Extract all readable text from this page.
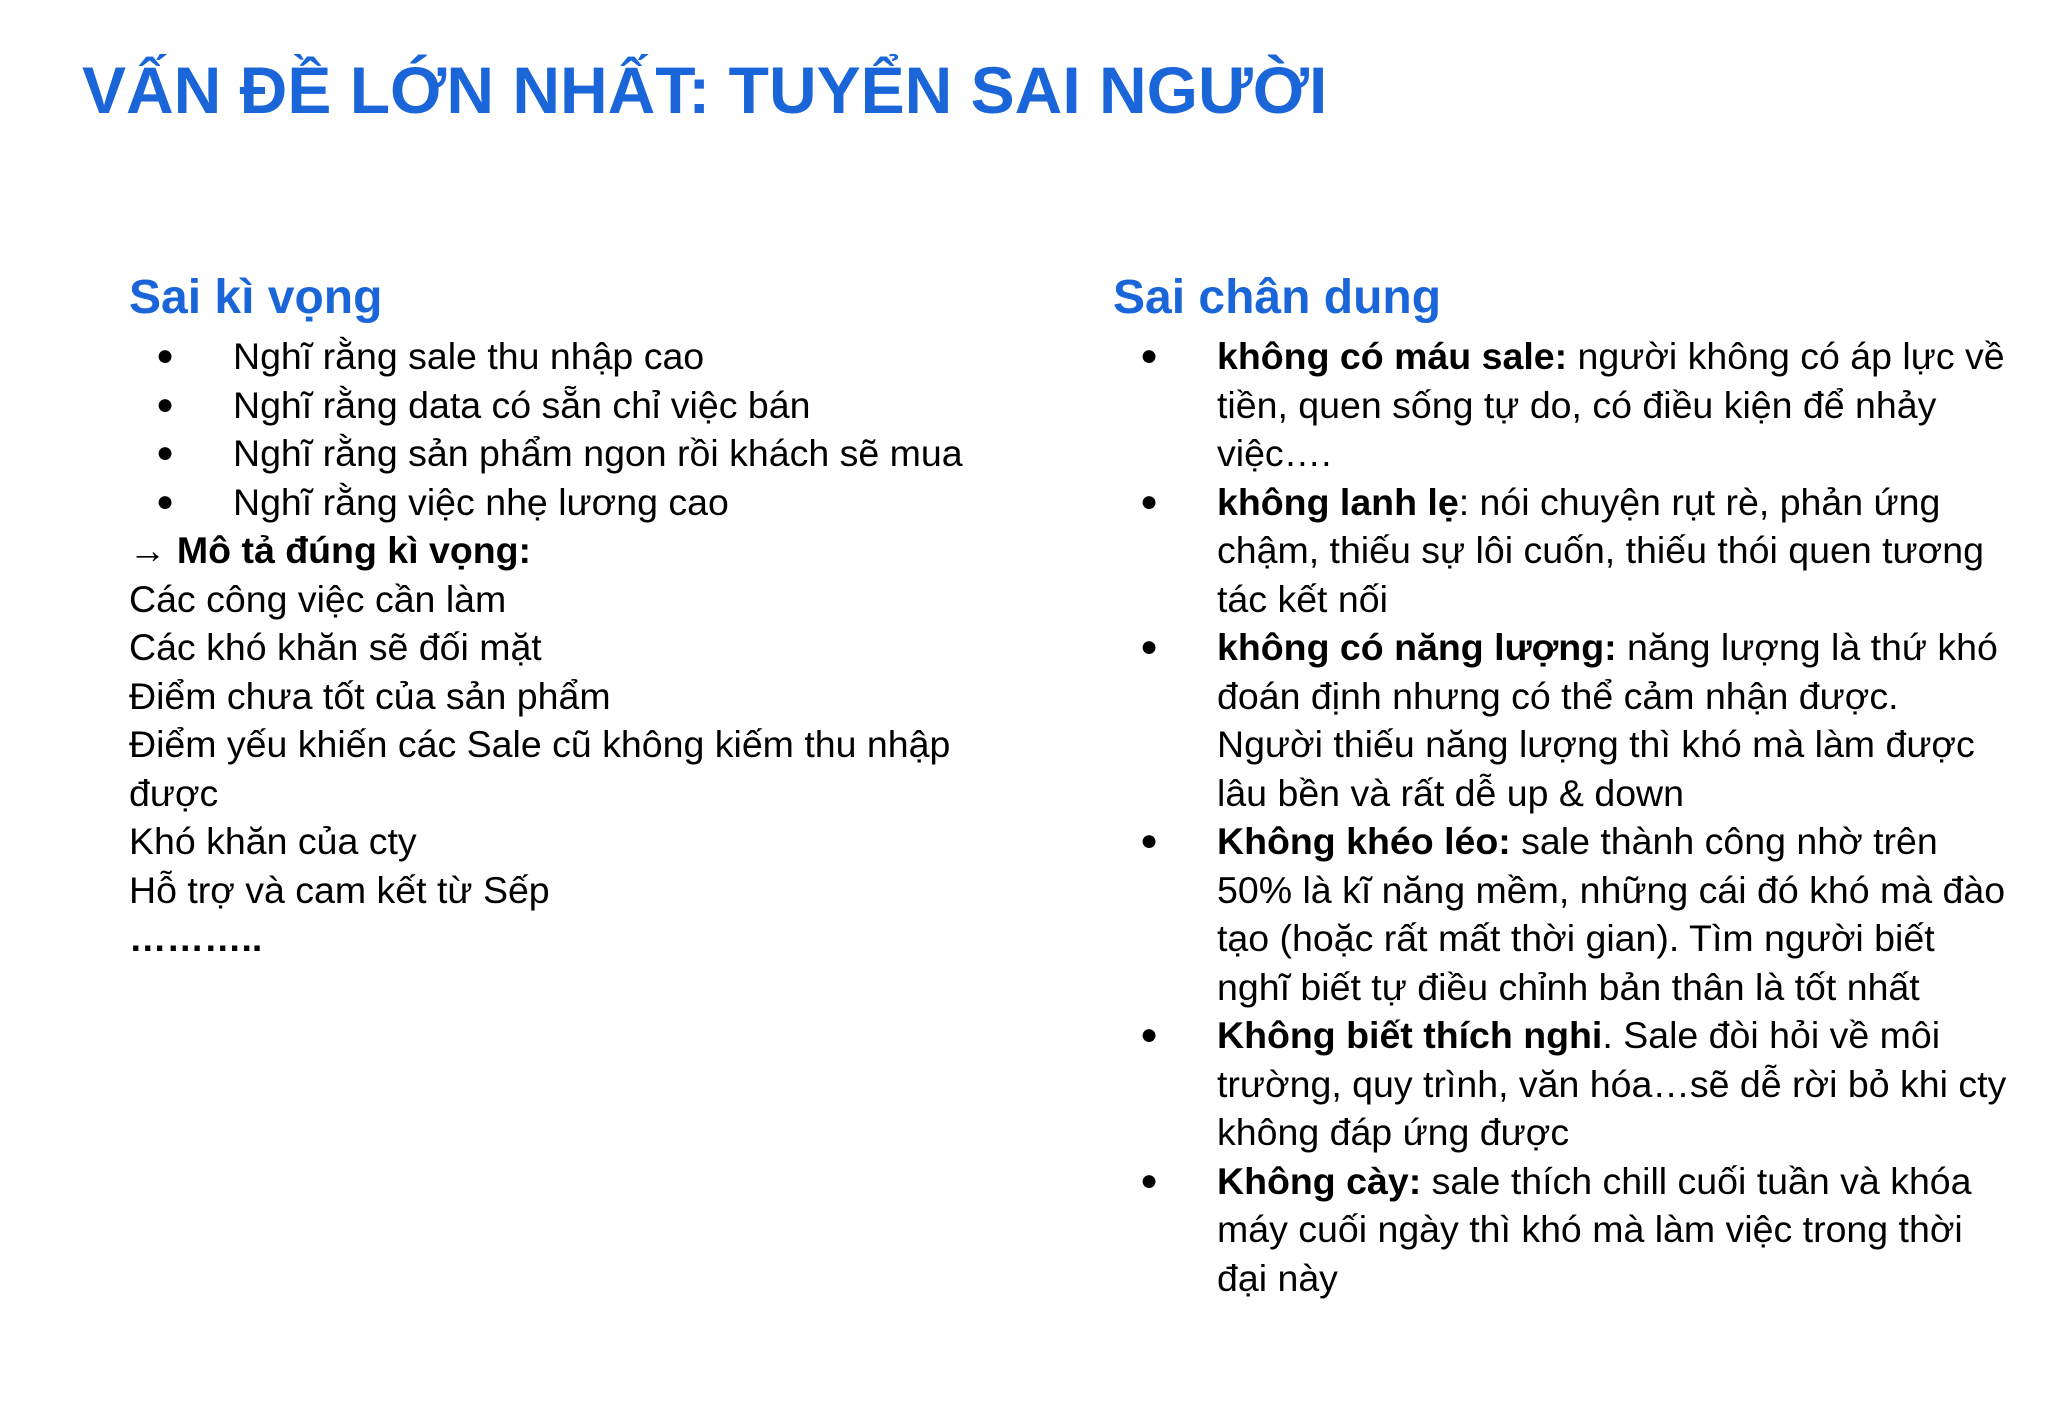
VẤN ĐỀ LỚN NHẤT: TUYỂN SAI NGƯỜI
Sai kì vọng
● Nghĩ rằng sale thu nhập cao
● Nghĩ rằng data có sẵn chỉ việc bán
● Nghĩ rằng sản phẩm ngon rồi khách sẽ mua
● Nghĩ rằng việc nhẹ lương cao
→ Mô tả đúng kì vọng:
Các công việc cần làm
Các khó khăn sẽ đối mặt
Điểm chưa tốt của sản phẩm
Điểm yếu khiến các Sale cũ không kiếm thu nhập được
Khó khăn của cty
Hỗ trợ và cam kết từ Sếp
………..
Sai chân dung
● không có máu sale: người không có áp lực về tiền, quen sống tự do, có điều kiện để nhảy việc….
● không lanh lẹ: nói chuyện rụt rè, phản ứng chậm, thiếu sự lôi cuốn, thiếu thói quen tương tác kết nối
● không có năng lượng: năng lượng là thứ khó đoán định nhưng có thể cảm nhận được. Người thiếu năng lượng thì khó mà làm được lâu bền và rất dễ up & down
● Không khéo léo: sale thành công nhờ trên 50% là kĩ năng mềm, những cái đó khó mà đào tạo (hoặc rất mất thời gian). Tìm người biết nghĩ biết tự điều chỉnh bản thân là tốt nhất
● Không biết thích nghi. Sale đòi hỏi về môi trường, quy trình, văn hóa…sẽ dễ rời bỏ khi cty không đáp ứng được
● Không cày: sale thích chill cuối tuần và khóa máy cuối ngày thì khó mà làm việc trong thời đại này
